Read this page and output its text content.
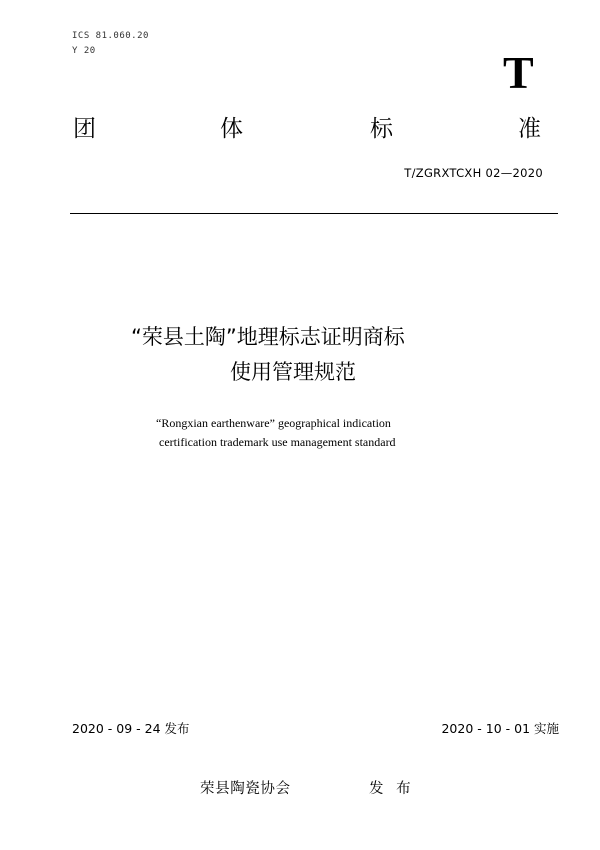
ICS 81.060.20
Y 20	T
团	体	标	准
T/ZGRXTCXH 02—2020
“荣县土陶”地理标志证明商标
使用管理规范
“Rongxian earthenware” geographical indication
certification trademark use management standard
2020 - 09 - 24 发布	2020 - 10 - 01 实施
荣县陶瓷协会	发 布
